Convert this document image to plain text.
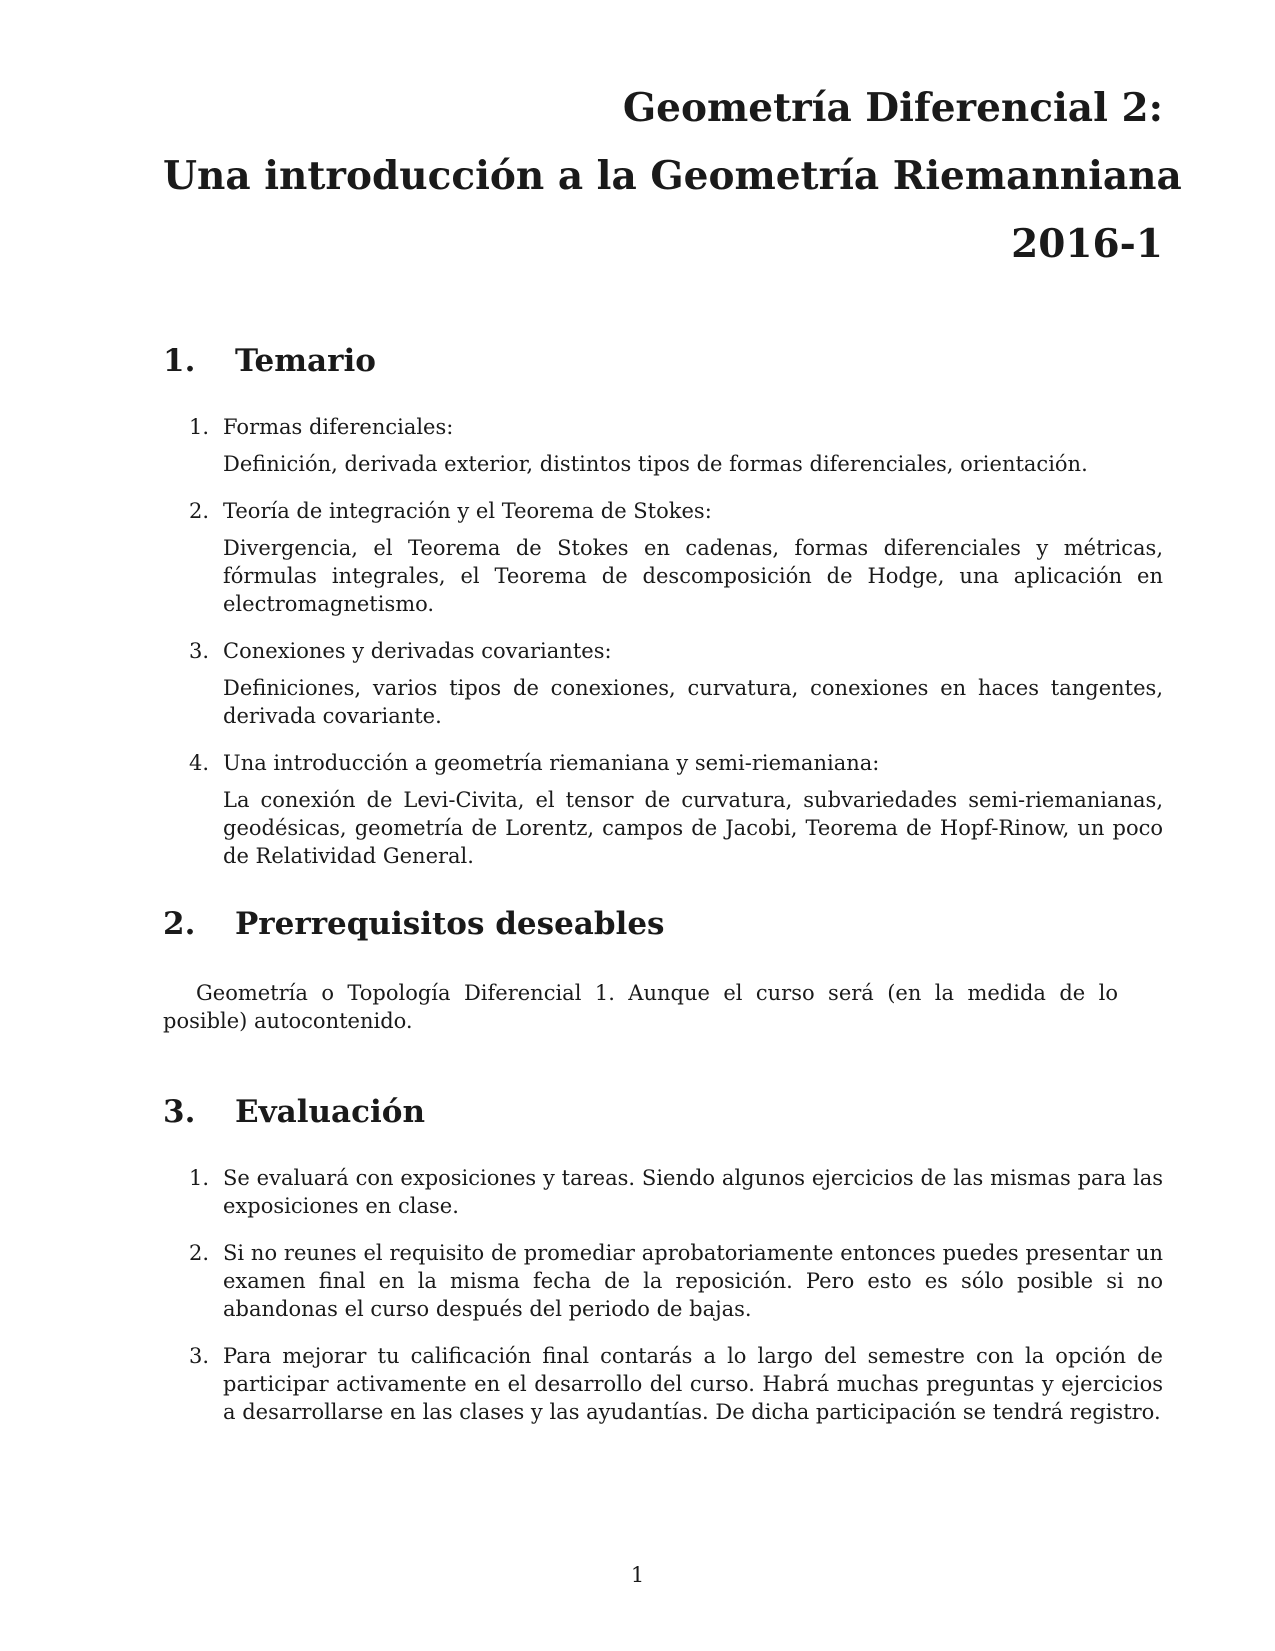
Geometría Diferencial 2:
Una introducción a la Geometría Riemanniana
2016-1
1. Temario
1. Formas diferenciales:
Definición, derivada exterior, distintos tipos de formas diferenciales, orientación.
2. Teoría de integración y el Teorema de Stokes:
Divergencia, el Teorema de Stokes en cadenas, formas diferenciales y métricas, fórmulas integrales, el Teorema de descomposición de Hodge, una aplicación en electromagnetismo.
3. Conexiones y derivadas covariantes:
Definiciones, varios tipos de conexiones, curvatura, conexiones en haces tangentes, derivada covariante.
4. Una introducción a geometría riemaniana y semi-riemaniana:
La conexión de Levi-Civita, el tensor de curvatura, subvariedades semi-riemanianas, geodésicas, geometría de Lorentz, campos de Jacobi, Teorema de Hopf-Rinow, un poco de Relatividad General.
2. Prerrequisitos deseables

Geometría o Topología Diferencial 1. Aunque el curso será (en la medida de lo posible) autocontenido.

3. Evaluación
1. Se evaluará con exposiciones y tareas. Siendo algunos ejercicios de las mismas para las exposiciones en clase.
2. Si no reunes el requisito de promediar aprobatoriamente entonces puedes presentar un examen final en la misma fecha de la reposición. Pero esto es sólo posible si no abandonas el curso después del periodo de bajas.
3. Para mejorar tu calificación final contarás a lo largo del semestre con la opción de participar activamente en el desarrollo del curso. Habrá muchas preguntas y ejercicios a desarrollarse en las clases y las ayudantías. De dicha participación se tendrá registro.
1
